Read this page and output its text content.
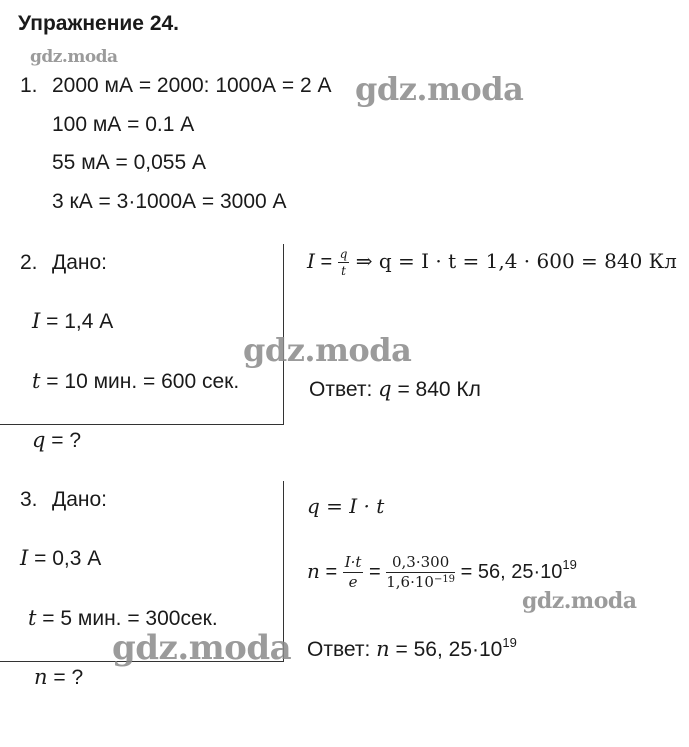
Упражнение 24.
1. 2000 мА = 2000: 1000А = 2 А
100 мА = 0.1 А
55 мА = 0,055 А
3 кА = 3·1000А = 3000 А
2. Дано:
I = 1,4 А
t = 10 мин. = 600 сек.
q = ?
$I = \frac{q}{t}$ ⇒ q = I · t = 1,4 · 600 = 840 Кл
Ответ: q = 840 Кл
3. Дано:
I = 0,3 А
t = 5 мин. = 300сек.
n = ?
q = I · t
$n = \frac{I\cdot t}{e} = \frac{0,3\cdot 300}{1,6\cdot 10^{-19}} = 56$, $25\cdot 10^{19}$
Ответ: n = 56, $25\cdot 10^{19}$
gdz.moda
gdz.moda
gdz.moda
gdz.moda
gdz.moda
